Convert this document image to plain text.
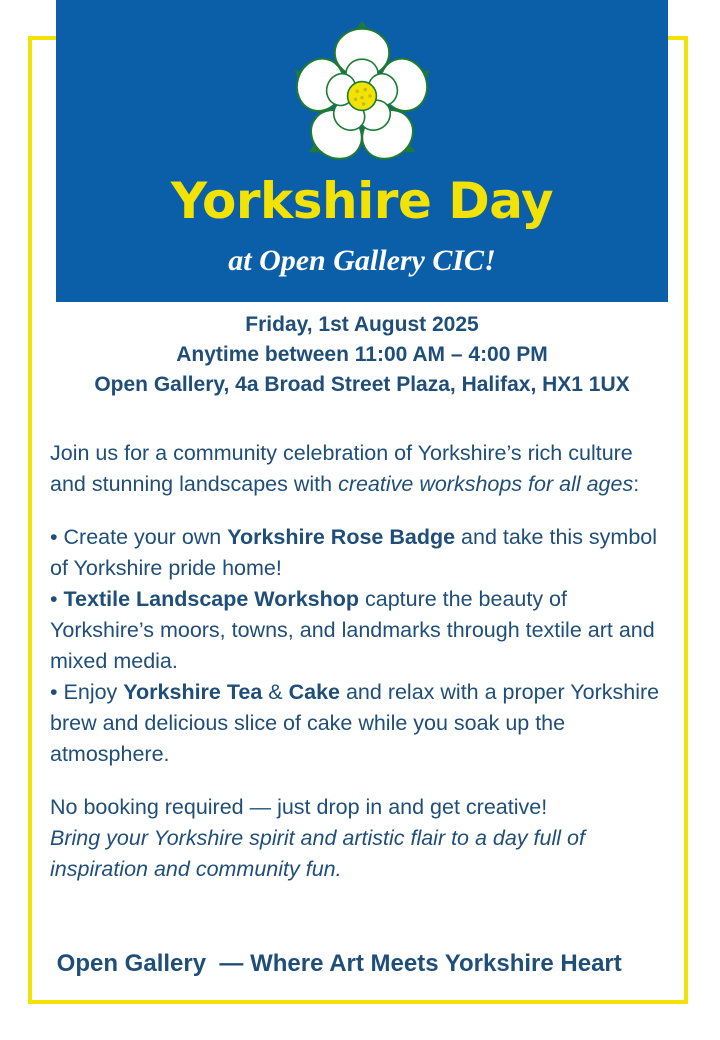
Yorkshire Day
at Open Gallery CIC!
Friday, 1st August 2025
Anytime between 11:00 AM – 4:00 PM
Open Gallery, 4a Broad Street Plaza, Halifax, HX1 1UX

Join us for a community celebration of Yorkshire’s rich culture and stunning landscapes with creative workshops for all ages:

• Create your own Yorkshire Rose Badge and take this symbol of Yorkshire pride home!

• Textile Landscape Workshop capture the beauty of Yorkshire’s moors, towns, and landmarks through textile art and mixed media.

• Enjoy Yorkshire Tea & Cake and relax with a proper Yorkshire brew and delicious slice of cake while you soak up the atmosphere.

No booking required — just drop in and get creative!

Bring your Yorkshire spirit and artistic flair to a day full of inspiration and community fun.

Open Gallery  — Where Art Meets Yorkshire Heart
